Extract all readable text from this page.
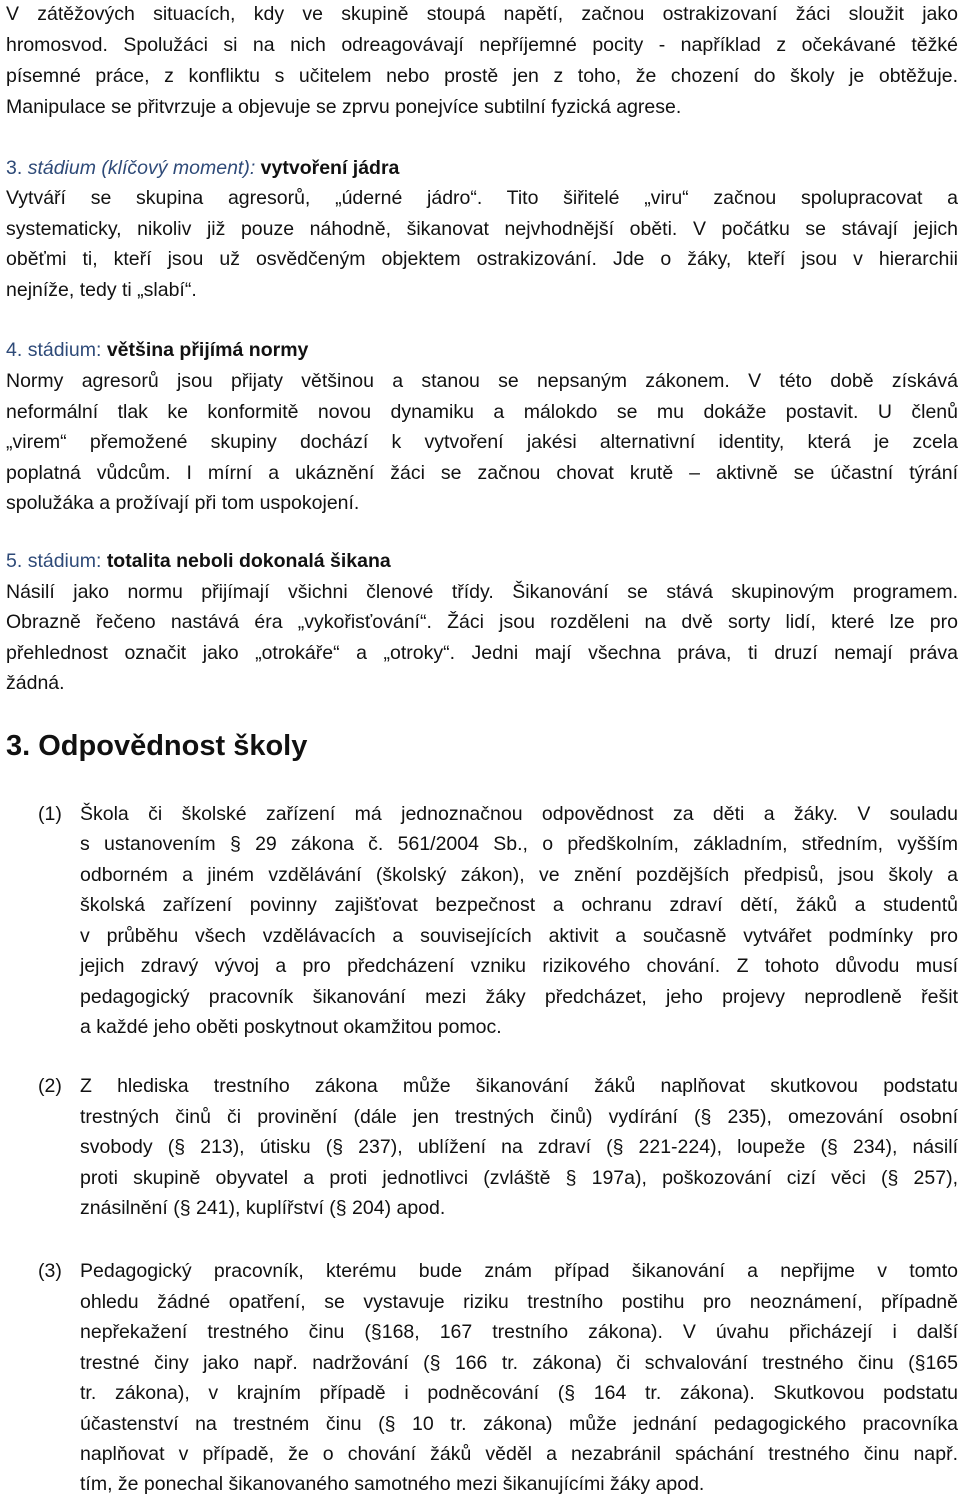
V zátěžových situacích, kdy ve skupině stoupá napětí, začnou ostrakizovaní žáci sloužit jako
hromosvod. Spolužáci si na nich odreagovávají nepříjemné pocity - například z očekávané těžké
písemné práce, z konfliktu s učitelem nebo prostě jen z toho, že chození do školy je obtěžuje.
Manipulace se přitvrzuje a objevuje se zprvu ponejvíce subtilní fyzická agrese.
3. stádium (klíčový moment): vytvoření jádra
Vytváří se skupina agresorů, „úderné jádro“. Tito šiřitelé „viru“ začnou spolupracovat a
systematicky, nikoliv již pouze náhodně, šikanovat nejvhodnější oběti. V počátku se stávají jejich
oběťmi ti, kteří jsou už osvědčeným objektem ostrakizování. Jde o žáky, kteří jsou v hierarchii
nejníže, tedy ti „slabí“.
4. stádium: většina přijímá normy
Normy agresorů jsou přijaty většinou a stanou se nepsaným zákonem. V této době získává
neformální tlak ke konformitě novou dynamiku a málokdo se mu dokáže postavit. U členů
„virem“ přemožené skupiny dochází k vytvoření jakési alternativní identity, která je zcela
poplatná vůdcům. I mírní a ukáznění žáci se začnou chovat krutě – aktivně se účastní týrání
spolužáka a prožívají při tom uspokojení.
5. stádium: totalita neboli dokonalá šikana
Násilí jako normu přijímají všichni členové třídy. Šikanování se stává skupinovým programem.
Obrazně řečeno nastává éra „vykořisťování“. Žáci jsou rozděleni na dvě sorty lidí, které lze pro
přehlednost označit jako „otrokáře“ a „otroky“. Jedni mají všechna práva, ti druzí nemají práva
žádná.
3. Odpovědnost školy
(1) Škola či školské zařízení má jednoznačnou odpovědnost za děti a žáky. V souladu
s ustanovením § 29 zákona č. 561/2004 Sb., o předškolním, základním, středním, vyšším
odborném a jiném vzdělávání (školský zákon), ve znění pozdějších předpisů, jsou školy a
školská zařízení povinny zajišťovat bezpečnost a ochranu zdraví dětí, žáků a studentů
v průběhu všech vzdělávacích a souvisejících aktivit a současně vytvářet podmínky pro
jejich zdravý vývoj a pro předcházení vzniku rizikového chování. Z tohoto důvodu musí
pedagogický pracovník šikanování mezi žáky předcházet, jeho projevy neprodleně řešit
a každé jeho oběti poskytnout okamžitou pomoc.
(2) Z hlediska trestního zákona může šikanování žáků naplňovat skutkovou podstatu
trestných činů či provinění (dále jen trestných činů) vydírání (§ 235), omezování osobní
svobody (§ 213), útisku (§ 237), ublížení na zdraví (§ 221-224), loupeže (§ 234), násilí
proti skupině obyvatel a proti jednotlivci (zvláště § 197a), poškozování cizí věci (§ 257),
znásilnění (§ 241), kuplířství (§ 204) apod.
(3) Pedagogický pracovník, kterému bude znám případ šikanování a nepřijme v tomto
ohledu žádné opatření, se vystavuje riziku trestního postihu pro neoznámení, případně
nepřekažení trestného činu (§168, 167 trestního zákona). V úvahu přicházejí i další
trestné činy jako např. nadržování (§ 166 tr. zákona) či schvalování trestného činu (§165
tr. zákona), v krajním případě i podněcování (§ 164 tr. zákona). Skutkovou podstatu
účastenství na trestném činu (§ 10 tr. zákona) může jednání pedagogického pracovníka
naplňovat v případě, že o chování žáků věděl a nezabránil spáchání trestného činu např.
tím, že ponechal šikanovaného samotného mezi šikanujícími žáky apod.
